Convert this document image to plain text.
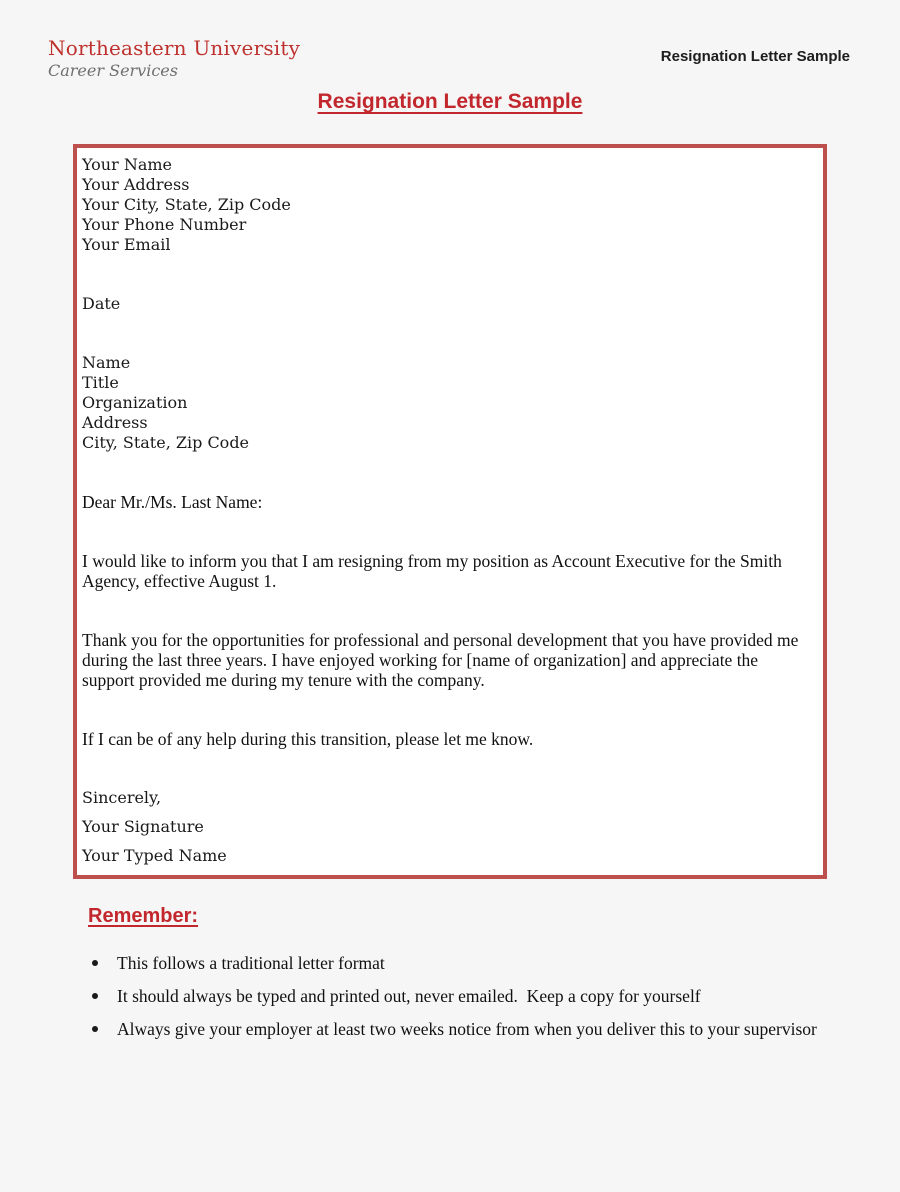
Northeastern University
Career Services
Resignation Letter Sample
Resignation Letter Sample
Your Name
Your Address
Your City, State, Zip Code
Your Phone Number
Your Email
Date
Name
Title
Organization
Address
City, State, Zip Code
Dear Mr./Ms. Last Name:

I would like to inform you that I am resigning from my position as Account Executive for the Smith Agency, effective August 1.

Thank you for the opportunities for professional and personal development that you have provided me during the last three years. I have enjoyed working for [name of organization] and appreciate the support provided me during my tenure with the company.

If I can be of any help during this transition, please let me know.

Sincerely,
Your Signature
Your Typed Name
Remember:
This follows a traditional letter format
It should always be typed and printed out, never emailed.  Keep a copy for yourself
Always give your employer at least two weeks notice from when you deliver this to your supervisor
